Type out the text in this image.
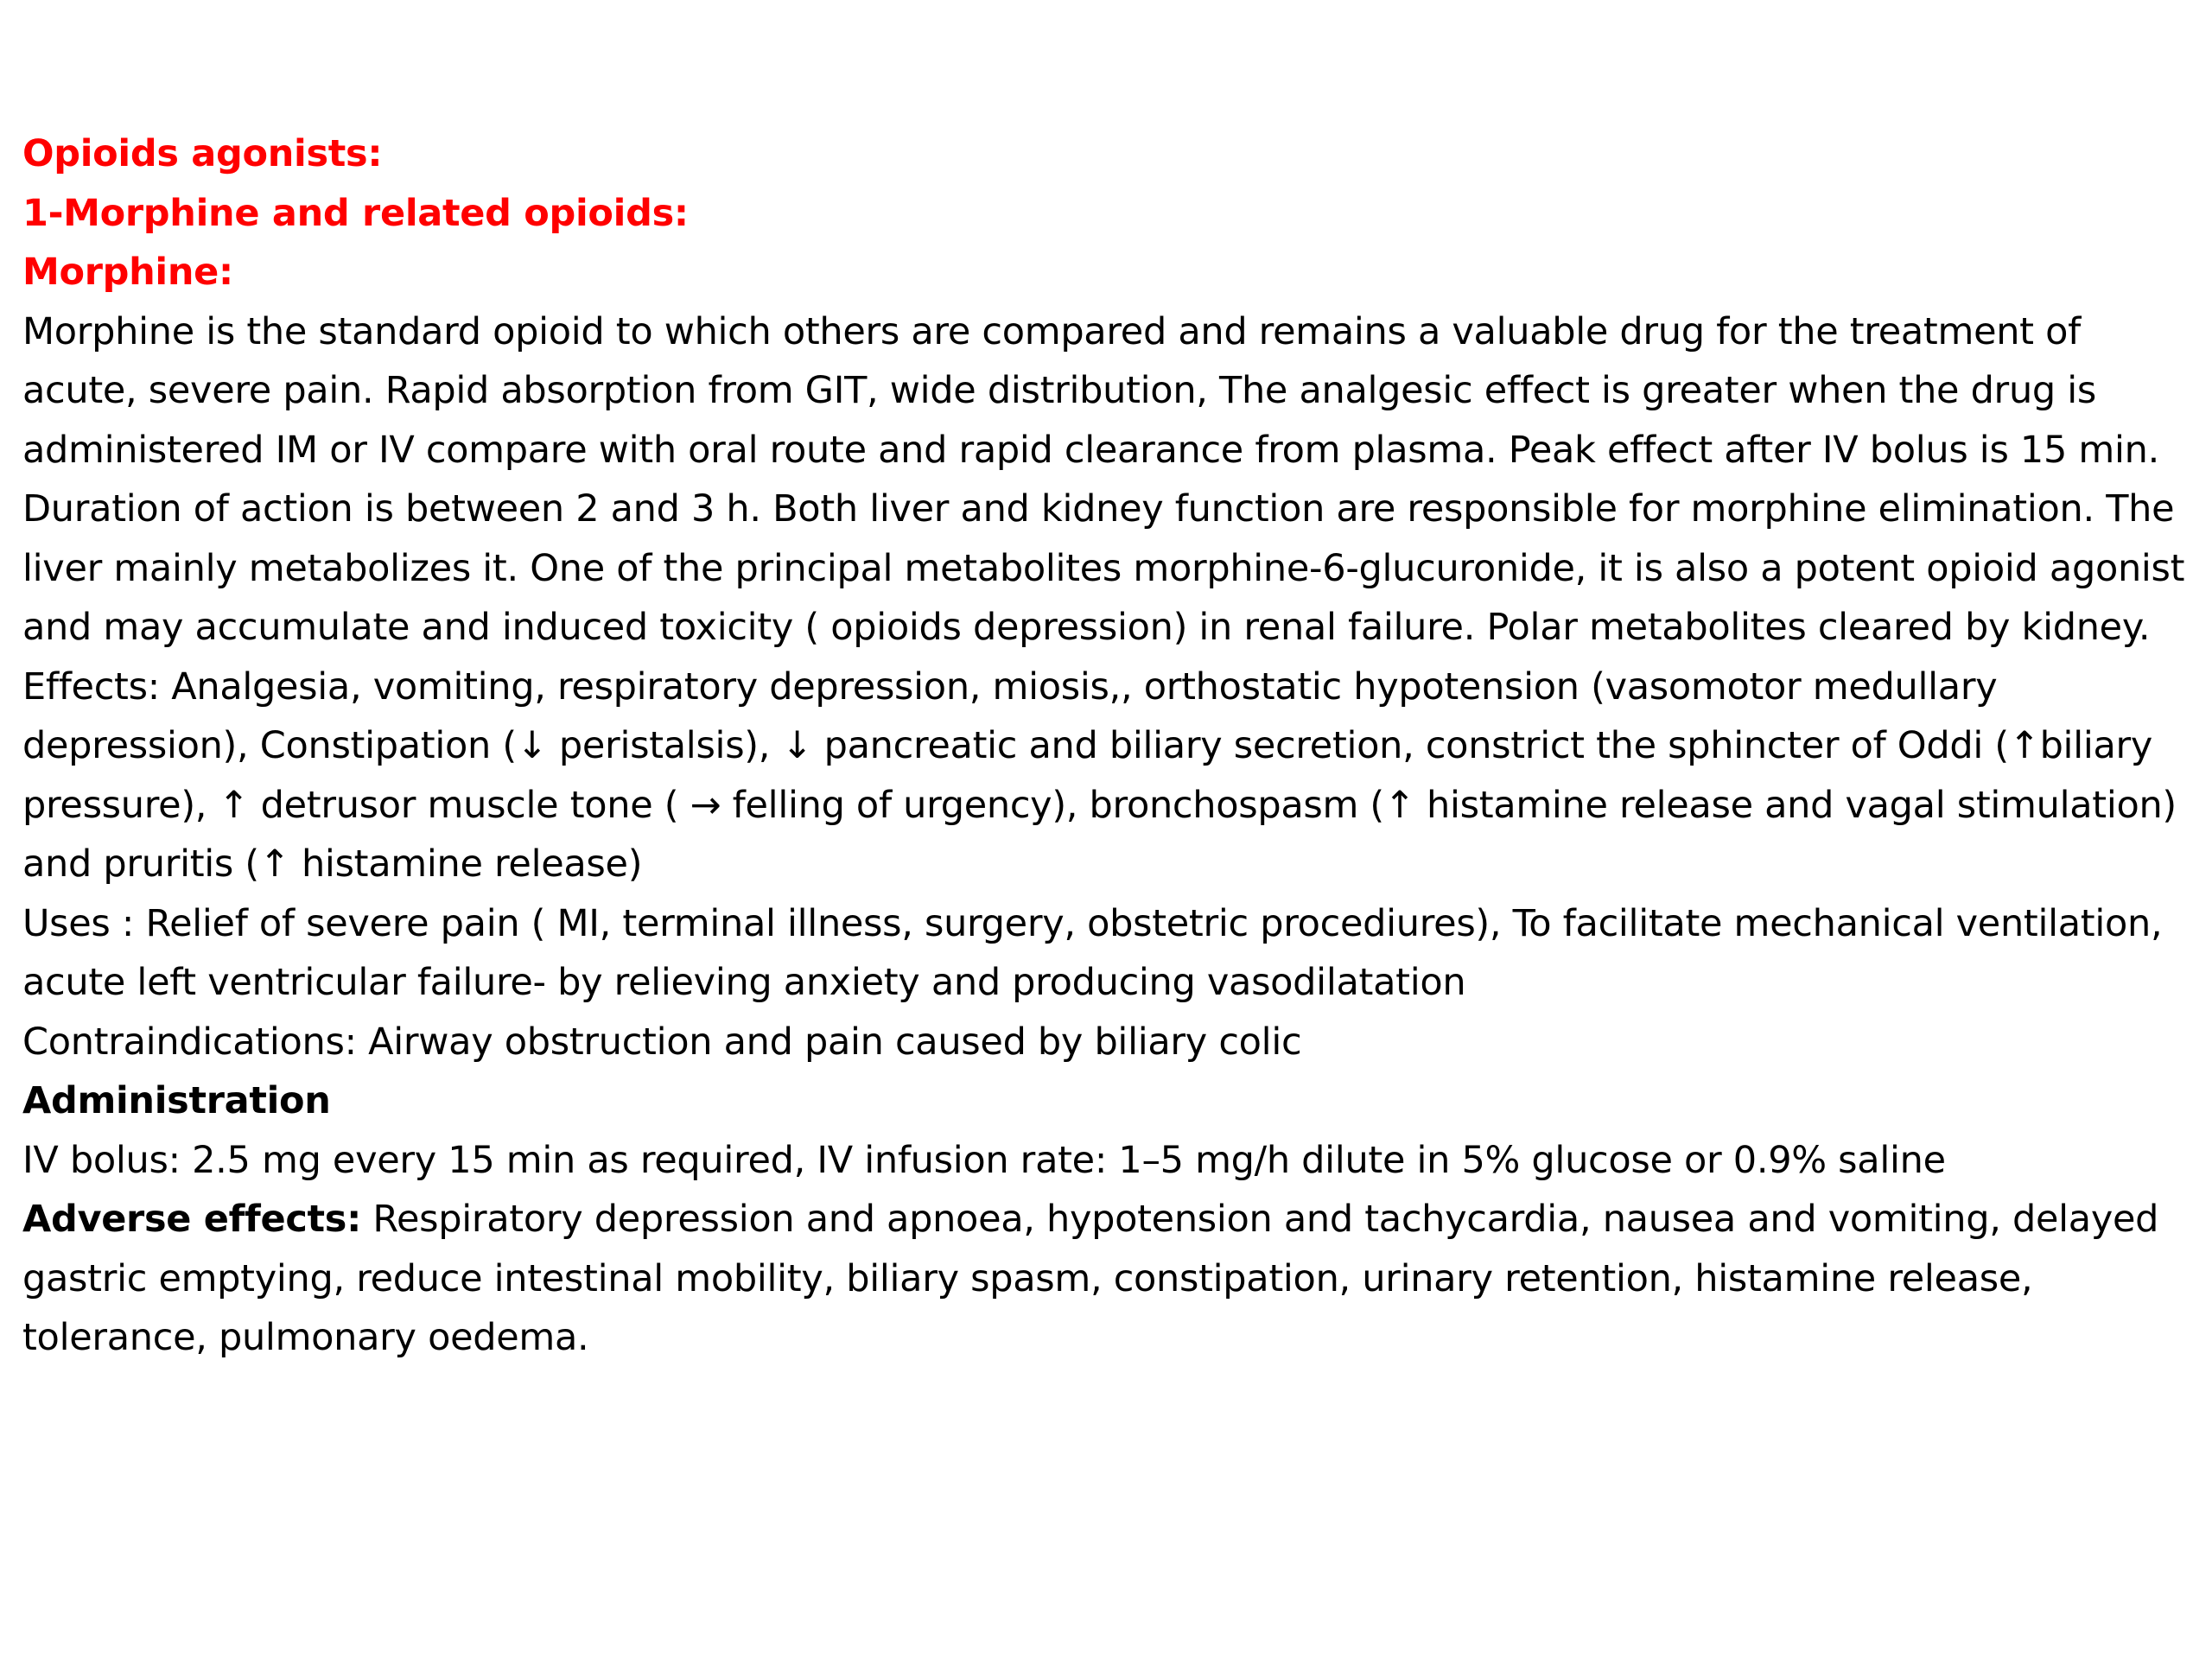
Opioids agonists:

1-Morphine and related opioids:

Morphine:

Morphine is the standard opioid to which others are compared and remains a valuable drug for the treatment of acute, severe pain. Rapid absorption from GIT, wide distribution, The analgesic effect is greater when the drug is administered IM or IV compare with oral route and rapid clearance from plasma. Peak effect after IV bolus is 15 min. Duration of action is between 2 and 3 h. Both liver and kidney function are responsible for morphine elimination. The liver mainly metabolizes it. One of the principal metabolites morphine-6-glucuronide, it is also a potent opioid agonist and may accumulate and induced toxicity ( opioids depression) in renal failure. Polar metabolites cleared by kidney.

Effects: Analgesia, vomiting, respiratory depression, miosis,, orthostatic hypotension (vasomotor medullary depression), Constipation (↓ peristalsis), ↓ pancreatic and biliary secretion, constrict the sphincter of Oddi (↑biliary pressure), ↑ detrusor muscle tone ( → felling of urgency), bronchospasm (↑ histamine release and vagal stimulation) and pruritis (↑ histamine release)

Uses : Relief of severe pain ( MI, terminal illness, surgery, obstetric procediures), To facilitate mechanical ventilation, acute left ventricular failure- by relieving anxiety and producing vasodilatation

Contraindications: Airway obstruction and pain caused by biliary colic

Administration

IV bolus: 2.5 mg every 15 min as required, IV infusion rate: 1–5 mg/h dilute in 5% glucose or 0.9% saline

Adverse effects: Respiratory depression and apnoea, hypotension and tachycardia, nausea and vomiting, delayed gastric emptying, reduce intestinal mobility, biliary spasm, constipation, urinary retention, histamine release, tolerance, pulmonary oedema.
